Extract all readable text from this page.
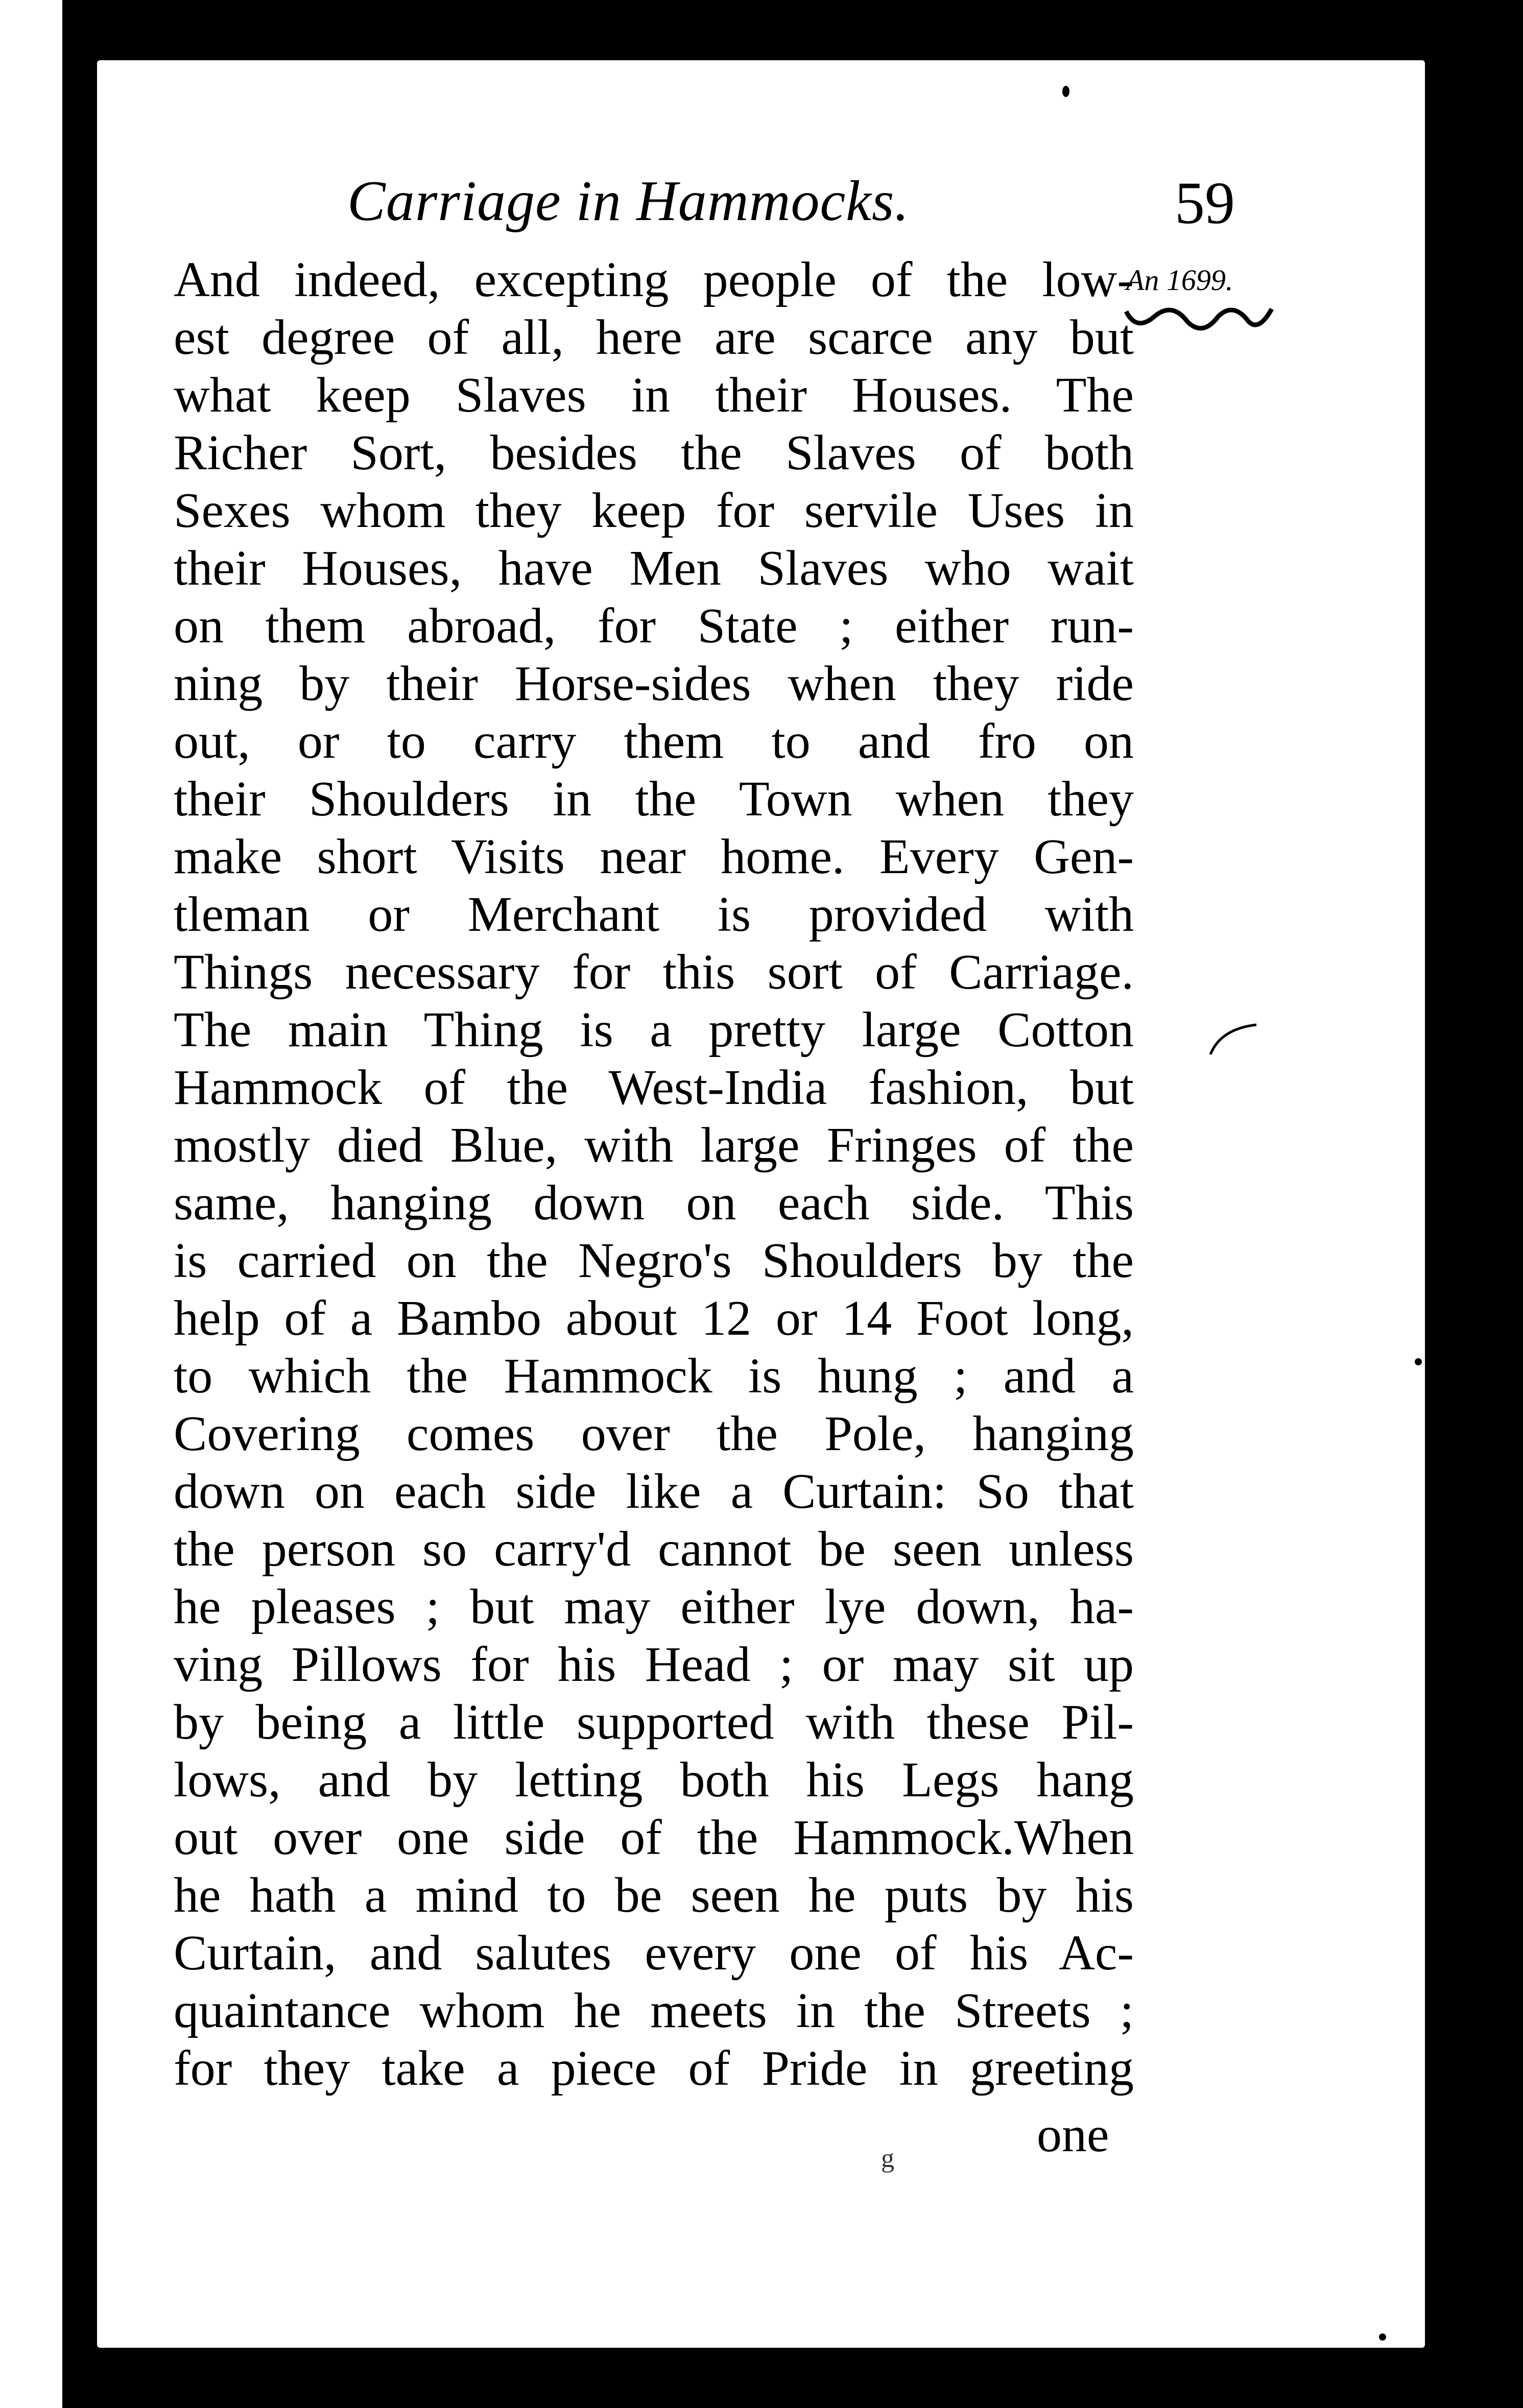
Carriage in Hammocks.	59
An 1699.
And indeed, excepting people of the low-
est degree of all, here are scarce any but
what keep Slaves in their Houses. The
Richer Sort, besides the Slaves of both
Sexes whom they keep for servile Uses in
their Houses, have Men Slaves who wait
on them abroad, for State ; either run-
ning by their Horse-sides when they ride
out, or to carry them to and fro on
their Shoulders in the Town when they
make short Visits near home. Every Gen-
tleman or Merchant is provided with
Things necessary for this sort of Carriage.
The main Thing is a pretty large Cotton
Hammock of the West-India fashion, but
mostly died Blue, with large Fringes of the
same, hanging down on each side. This
is carried on the Negro's Shoulders by the
help of a Bambo about 12 or 14 Foot long,
to which the Hammock is hung ; and a
Covering comes over the Pole, hanging
down on each side like a Curtain: So that
the person so carry'd cannot be seen unless
he pleases ; but may either lye down, ha-
ving Pillows for his Head ; or may sit up
by being a little supported with these Pil-
lows, and by letting both his Legs hang
out over one side of the Hammock.When
he hath a mind to be seen he puts by his
Curtain, and salutes every one of his Ac-
quaintance whom he meets in the Streets ;
for they take a piece of Pride in greeting
one
g
